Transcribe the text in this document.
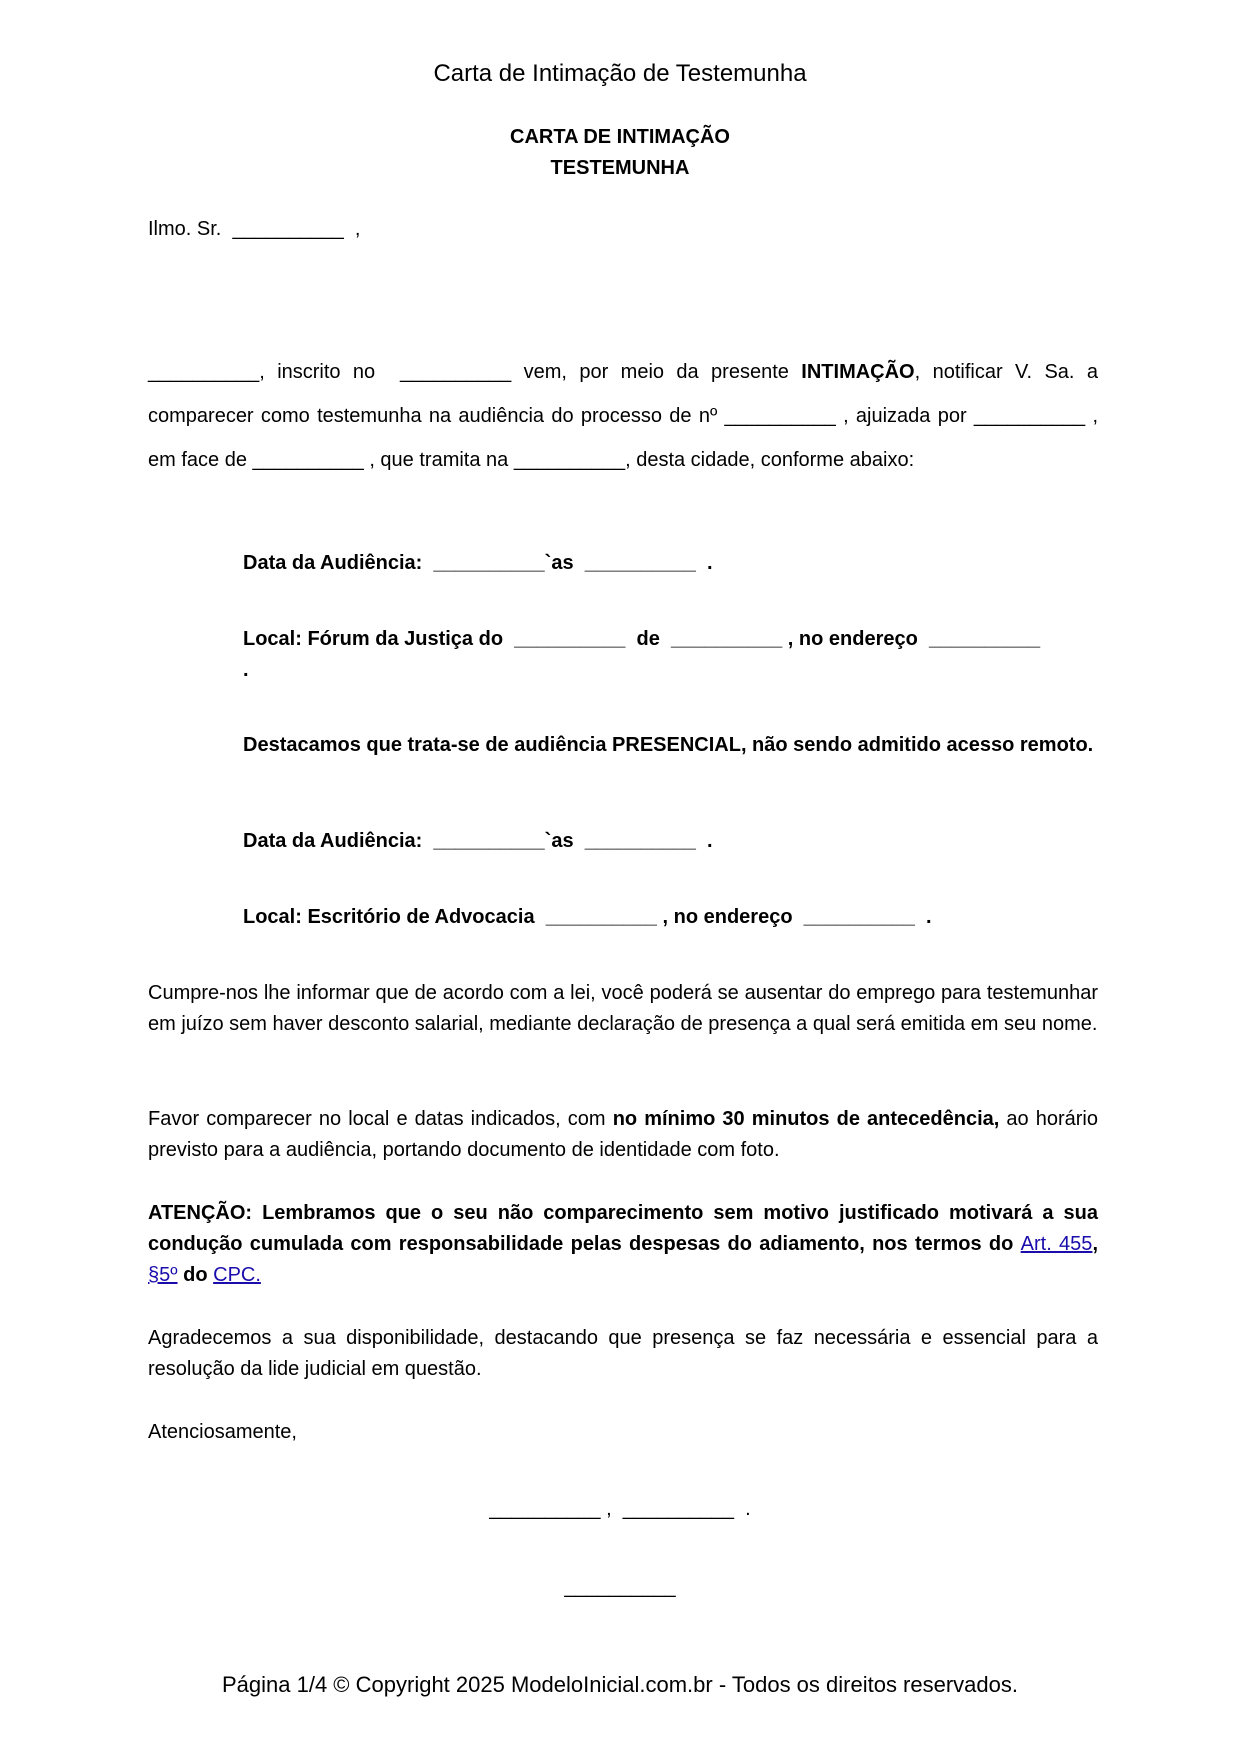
Carta de Intimação de Testemunha
CARTA DE INTIMAÇÃO
TESTEMUNHA
Ilmo. Sr. __________ ,
__________, inscrito no __________ vem, por meio da presente INTIMAÇÃO, notificar V. Sa. a comparecer como testemunha na audiência do processo de nº __________ , ajuizada por __________ , em face de __________ , que tramita na __________, desta cidade, conforme abaixo:
Data da Audiência: __________`as __________ .
Local: Fórum da Justiça do __________ de __________ , no endereço __________
.
Destacamos que trata-se de audiência PRESENCIAL, não sendo admitido acesso remoto.
Data da Audiência: __________`as __________ .
Local: Escritório de Advocacia __________ , no endereço __________ .
Cumpre-nos lhe informar que de acordo com a lei, você poderá se ausentar do emprego para testemunhar em juízo sem haver desconto salarial, mediante declaração de presença a qual será emitida em seu nome.
Favor comparecer no local e datas indicados, com no mínimo 30 minutos de antecedência, ao horário previsto para a audiência, portando documento de identidade com foto.
ATENÇÃO: Lembramos que o seu não comparecimento sem motivo justificado motivará a sua condução cumulada com responsabilidade pelas despesas do adiamento, nos termos do Art. 455, §5º do CPC.
Agradecemos a sua disponibilidade, destacando que presença se faz necessária e essencial para a resolução da lide judicial em questão.
Atenciosamente,
__________ , __________ .
__________
Página 1/4 © Copyright 2025 ModeloInicial.com.br - Todos os direitos reservados.
